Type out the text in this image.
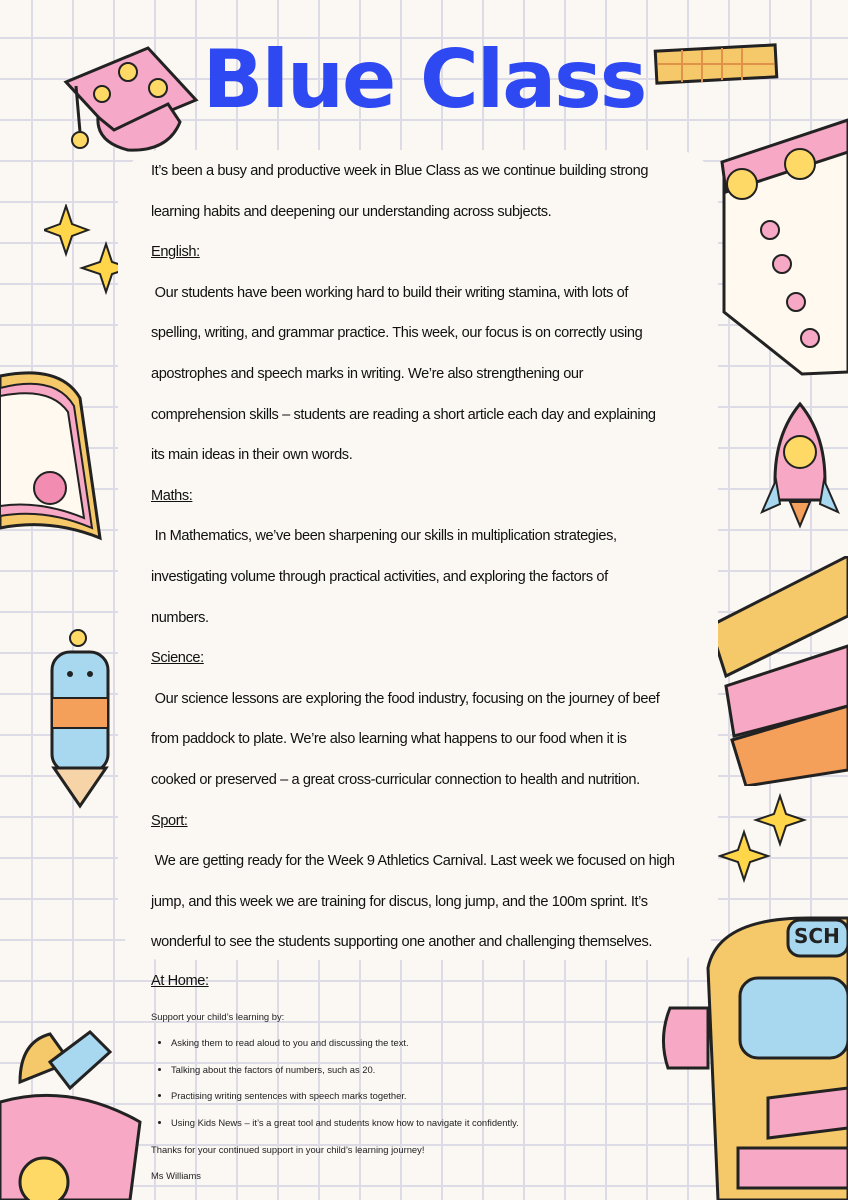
SCH
Blue Class

It’s been a busy and productive week in Blue Class as we continue building strong

learning habits and deepening our understanding across subjects.

English:

Our students have been working hard to build their writing stamina, with lots of

spelling, writing, and grammar practice. This week, our focus is on correctly using

apostrophes and speech marks in writing. We’re also strengthening our

comprehension skills – students are reading a short article each day and explaining

its main ideas in their own words.

Maths:

In Mathematics, we’ve been sharpening our skills in multiplication strategies,

investigating volume through practical activities, and exploring the factors of

numbers.

Science:

Our science lessons are exploring the food industry, focusing on the journey of beef

from paddock to plate. We’re also learning what happens to our food when it is

cooked or preserved – a great cross-curricular connection to health and nutrition.

Sport:

We are getting ready for the Week 9 Athletics Carnival. Last week we focused on high

jump, and this week we are training for discus, long jump, and the 100m sprint. It’s

wonderful to see the students supporting one another and challenging themselves.

At Home:

Support your child’s learning by:

• Asking them to read aloud to you and discussing the text.
• Talking about the factors of numbers, such as 20.
• Practising writing sentences with speech marks together.
• Using Kids News – it’s a great tool and students know how to navigate it confidently.

Thanks for your continued support in your child’s learning journey!

Ms Williams
